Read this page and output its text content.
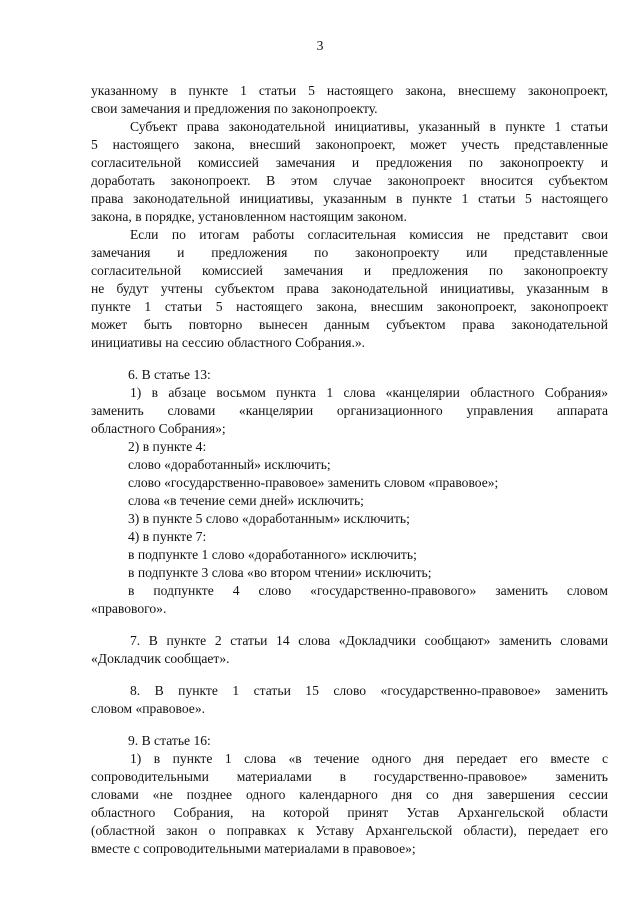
3
указанному в пункте 1 статьи 5 настоящего закона, внесшему законопроект,
свои замечания и предложения по законопроекту.
Субъект права законодательной инициативы, указанный в пункте 1 статьи
5 настоящего закона, внесший законопроект, может учесть представленные
согласительной комиссией замечания и предложения по законопроекту и
доработать законопроект. В этом случае законопроект вносится субъектом
права законодательной инициативы, указанным в пункте 1 статьи 5 настоящего
закона, в порядке, установленном настоящим законом.
Если по итогам работы согласительная комиссия не представит свои
замечания и предложения по законопроекту или представленные
согласительной комиссией замечания и предложения по законопроекту
не будут учтены субъектом права законодательной инициативы, указанным в
пункте 1 статьи 5 настоящего закона, внесшим законопроект, законопроект
может быть повторно вынесен данным субъектом права законодательной
инициативы на сессию областного Собрания.».
6. В статье 13:
1) в абзаце восьмом пункта 1 слова «канцелярии областного Собрания»
заменить словами «канцелярии организационного управления аппарата
областного Собрания»;
2) в пункте 4:
слово «доработанный» исключить;
слово «государственно-правовое» заменить словом «правовое»;
слова «в течение семи дней» исключить;
3) в пункте 5 слово «доработанным» исключить;
4) в пункте 7:
в подпункте 1 слово «доработанного» исключить;
в подпункте 3 слова «во втором чтении» исключить;
в подпункте 4 слово «государственно-правового» заменить словом
«правового».
7. В пункте 2 статьи 14 слова «Докладчики сообщают» заменить словами
«Докладчик сообщает».
8. В пункте 1 статьи 15 слово «государственно-правовое» заменить
словом «правовое».
9. В статье 16:
1) в пункте 1 слова «в течение одного дня передает его вместе с
сопроводительными материалами в государственно-правовое» заменить
словами «не позднее одного календарного дня со дня завершения сессии
областного Собрания, на которой принят Устав Архангельской области
(областной закон о поправках к Уставу Архангельской области), передает его
вместе с сопроводительными материалами в правовое»;
